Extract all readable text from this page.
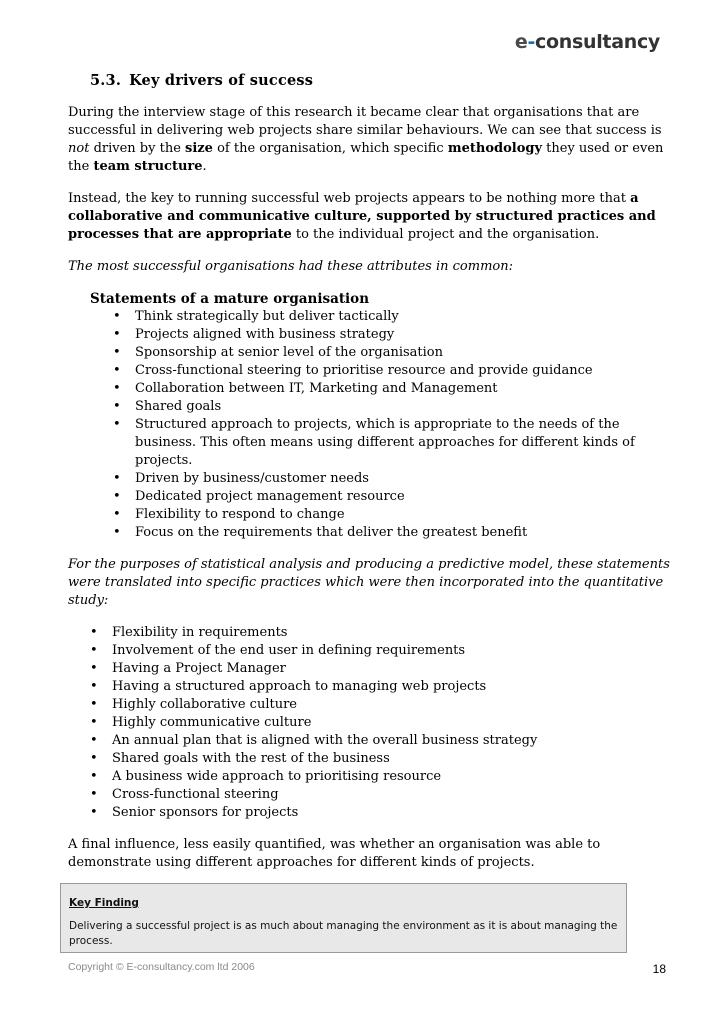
e-consultancy
5.3. Key drivers of success

During the interview stage of this research it became clear that organisations that are successful in delivering web projects share similar behaviours. We can see that success is not driven by the size of the organisation, which specific methodology they used or even the team structure.

Instead, the key to running successful web projects appears to be nothing more that a collaborative and communicative culture, supported by structured practices and processes that are appropriate to the individual project and the organisation.

The most successful organisations had these attributes in common:

Statements of a mature organisation
• Think strategically but deliver tactically
• Projects aligned with business strategy
• Sponsorship at senior level of the organisation
• Cross-functional steering to prioritise resource and provide guidance
• Collaboration between IT, Marketing and Management
• Shared goals
• Structured approach to projects, which is appropriate to the needs of the business. This often means using different approaches for different kinds of projects.
• Driven by business/customer needs
• Dedicated project management resource
• Flexibility to respond to change
• Focus on the requirements that deliver the greatest benefit

For the purposes of statistical analysis and producing a predictive model, these statements were translated into specific practices which were then incorporated into the quantitative study:

• Flexibility in requirements
• Involvement of the end user in defining requirements
• Having a Project Manager
• Having a structured approach to managing web projects
• Highly collaborative culture
• Highly communicative culture
• An annual plan that is aligned with the overall business strategy
• Shared goals with the rest of the business
• A business wide approach to prioritising resource
• Cross-functional steering
• Senior sponsors for projects

A final influence, less easily quantified, was whether an organisation was able to demonstrate using different approaches for different kinds of projects.

Key Finding
Delivering a successful project is as much about managing the environment as it is about managing the process.
Copyright © E-consultancy.com ltd 2006	18
